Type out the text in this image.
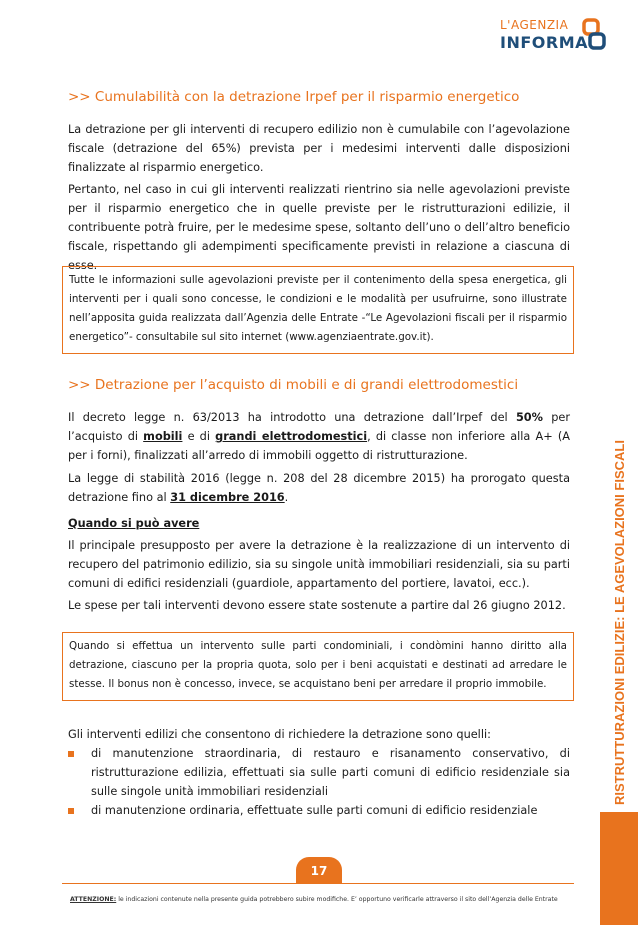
L'AGENZIA
INFORMA
>> Cumulabilità con la detrazione Irpef per il risparmio energetico

La detrazione per gli interventi di recupero edilizio non è cumulabile con l’agevolazione fiscale (detrazione del 65%) prevista per i medesimi interventi dalle disposizioni finalizzate al risparmio energetico.

Pertanto, nel caso in cui gli interventi realizzati rientrino sia nelle agevolazioni previste per il risparmio energetico che in quelle previste per le ristrutturazioni edilizie, il contribuente potrà fruire, per le medesime spese, soltanto dell’uno o dell’altro beneficio fiscale, rispettando gli adempimenti specificamente previsti in relazione a ciascuna di esse.

Tutte le informazioni sulle agevolazioni previste per il contenimento della spesa energetica, gli interventi per i quali sono concesse, le condizioni e le modalità per usufruirne, sono illustrate nell’apposita guida realizzata dall’Agenzia delle Entrate -“Le Agevolazioni fiscali per il risparmio energetico”- consultabile sul sito internet (www.agenziaentrate.gov.it).
>> Detrazione per l’acquisto di mobili e di grandi elettrodomestici

Il decreto legge n. 63/2013 ha introdotto una detrazione dall’Irpef del 50% per l’acquisto di mobili e di grandi elettrodomestici, di classe non inferiore alla A+ (A per i forni), finalizzati all’arredo di immobili oggetto di ristrutturazione.

La legge di stabilità 2016 (legge n. 208 del 28 dicembre 2015) ha prorogato questa detrazione fino al 31 dicembre 2016.

Quando si può avere

Il principale presupposto per avere la detrazione è la realizzazione di un intervento di recupero del patrimonio edilizio, sia su singole unità immobiliari residenziali, sia su parti comuni di edifici residenziali (guardiole, appartamento del portiere, lavatoi, ecc.).

Le spese per tali interventi devono essere state sostenute a partire dal 26 giugno 2012.

Quando si effettua un intervento sulle parti condominiali, i condòmini hanno diritto alla detrazione, ciascuno per la propria quota, solo per i beni acquistati e destinati ad arredare le stesse. Il bonus non è concesso, invece, se acquistano beni per arredare il proprio immobile.

Gli interventi edilizi che consentono di richiedere la detrazione sono quelli:

di manutenzione straordinaria, di restauro e risanamento conservativo, di ristrutturazione edilizia, effettuati sia sulle parti comuni di edificio residenziale sia sulle singole unità immobiliari residenziali
di manutenzione ordinaria, effettuate sulle parti comuni di edificio residenziale
RISTRUTTURAZIONI EDILIZIE: LE AGEVOLAZIONI FISCALI
17
ATTENZIONE: le indicazioni contenute nella presente guida potrebbero subire modifiche. E’ opportuno verificarle attraverso il sito dell’Agenzia delle Entrate
